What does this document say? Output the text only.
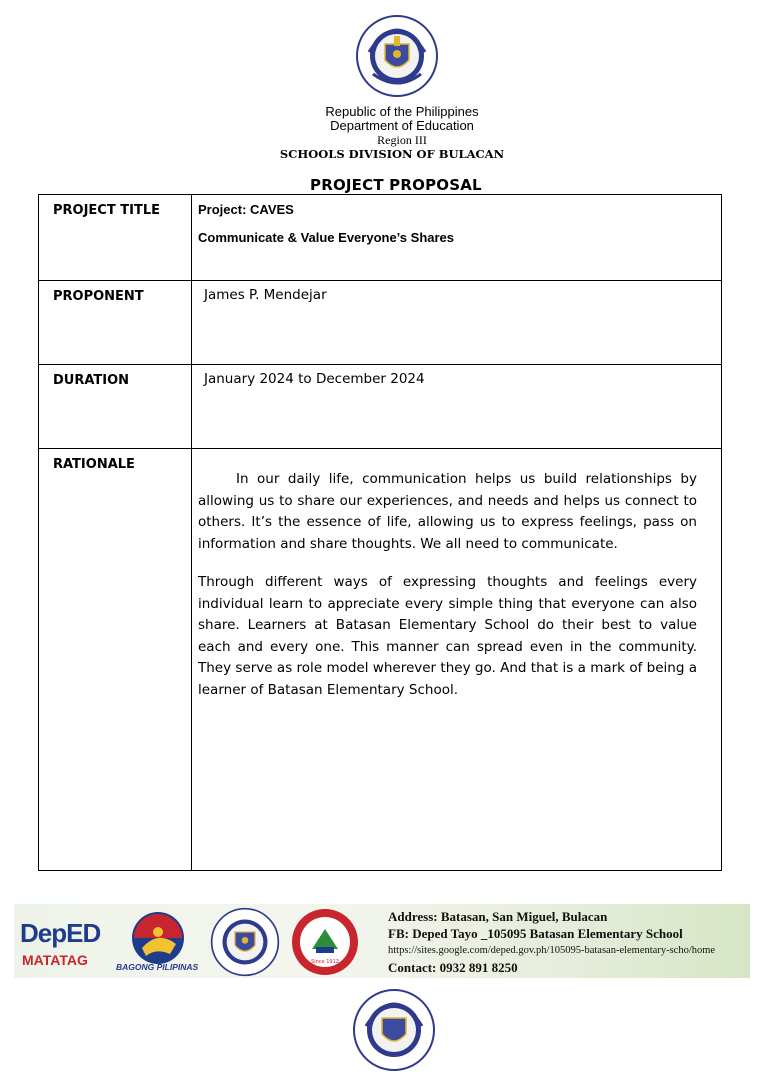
Republic of the Philippines
Department of Education
Region III
SCHOOLS DIVISION OF BULACAN
PROJECT PROPOSAL
PROJECT TITLE	Project: CAVES
Communicate & Value Everyone’s Shares

PROPONENT	James P. Mendejar

DURATION	January 2024 to December 2024

RATIONALE	In our daily life, communication helps us build relationships by allowing us to share our experiences, and needs and helps us connect to others. It’s the essence of life, allowing us to express feelings, pass on information and share thoughts. We all need to communicate.

Through different ways of expressing thoughts and feelings every individual learn to appreciate every simple thing that everyone can also share. Learners at Batasan Elementary School do their best to value each and every one. This manner can spread even in the community. They serve as role model wherever they go. And that is a mark of being a learner of Batasan Elementary School.

DepED
MATATAG	BAGONG PILIPINAS	Since 1912
Address: Batasan, San Miguel, Bulacan
FB: Deped Tayo _105095 Batasan Elementary School
https://sites.google.com/deped.gov.ph/105095-batasan-elementary-scho/home
Contact: 0932 891 8250
